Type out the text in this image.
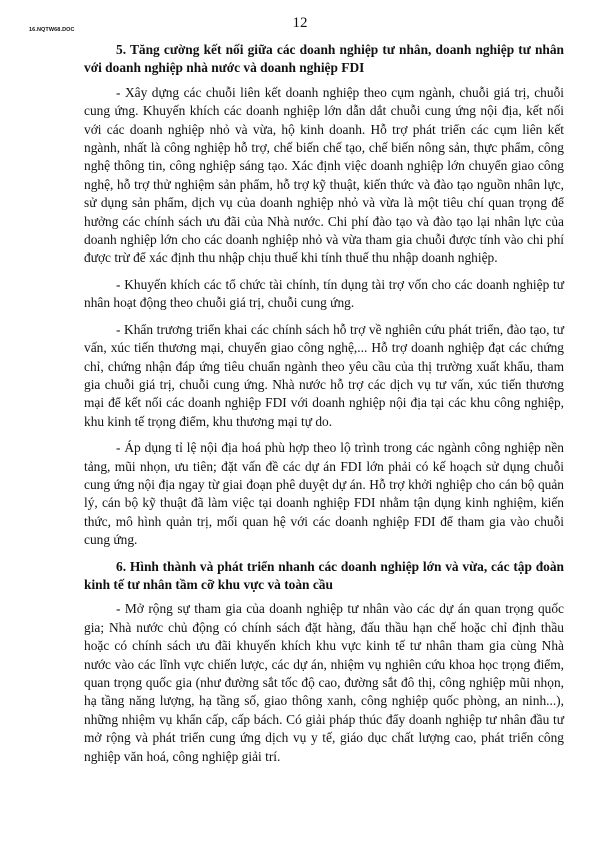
16.NQTW68.DOC	12

5. Tăng cường kết nối giữa các doanh nghiệp tư nhân, doanh nghiệp tư nhân với doanh nghiệp nhà nước và doanh nghiệp FDI

- Xây dựng các chuỗi liên kết doanh nghiệp theo cụm ngành, chuỗi giá trị, chuỗi cung ứng. Khuyến khích các doanh nghiệp lớn dẫn dắt chuỗi cung ứng nội địa, kết nối với các doanh nghiệp nhỏ và vừa, hộ kinh doanh. Hỗ trợ phát triển các cụm liên kết ngành, nhất là công nghiệp hỗ trợ, chế biến chế tạo, chế biến nông sản, thực phẩm, công nghệ thông tin, công nghiệp sáng tạo. Xác định việc doanh nghiệp lớn chuyển giao công nghệ, hỗ trợ thử nghiệm sản phẩm, hỗ trợ kỹ thuật, kiến thức và đào tạo nguồn nhân lực, sử dụng sản phẩm, dịch vụ của doanh nghiệp nhỏ và vừa là một tiêu chí quan trọng để hưởng các chính sách ưu đãi của Nhà nước. Chi phí đào tạo và đào tạo lại nhân lực của doanh nghiệp lớn cho các doanh nghiệp nhỏ và vừa tham gia chuỗi được tính vào chi phí được trừ để xác định thu nhập chịu thuế khi tính thuế thu nhập doanh nghiệp.

- Khuyến khích các tổ chức tài chính, tín dụng tài trợ vốn cho các doanh nghiệp tư nhân hoạt động theo chuỗi giá trị, chuỗi cung ứng.

- Khẩn trương triển khai các chính sách hỗ trợ về nghiên cứu phát triển, đào tạo, tư vấn, xúc tiến thương mại, chuyển giao công nghệ,... Hỗ trợ doanh nghiệp đạt các chứng chỉ, chứng nhận đáp ứng tiêu chuẩn ngành theo yêu cầu của thị trường xuất khẩu, tham gia chuỗi giá trị, chuỗi cung ứng. Nhà nước hỗ trợ các dịch vụ tư vấn, xúc tiến thương mại để kết nối các doanh nghiệp FDI với doanh nghiệp nội địa tại các khu công nghiệp, khu kinh tế trọng điểm, khu thương mại tự do.

- Áp dụng tỉ lệ nội địa hoá phù hợp theo lộ trình trong các ngành công nghiệp nền tảng, mũi nhọn, ưu tiên; đặt vấn đề các dự án FDI lớn phải có kế hoạch sử dụng chuỗi cung ứng nội địa ngay từ giai đoạn phê duyệt dự án. Hỗ trợ khởi nghiệp cho cán bộ quản lý, cán bộ kỹ thuật đã làm việc tại doanh nghiệp FDI nhằm tận dụng kinh nghiệm, kiến thức, mô hình quản trị, mối quan hệ với các doanh nghiệp FDI để tham gia vào chuỗi cung ứng.

6. Hình thành và phát triển nhanh các doanh nghiệp lớn và vừa, các tập đoàn kinh tế tư nhân tầm cỡ khu vực và toàn cầu

- Mở rộng sự tham gia của doanh nghiệp tư nhân vào các dự án quan trọng quốc gia; Nhà nước chủ động có chính sách đặt hàng, đấu thầu hạn chế hoặc chỉ định thầu hoặc có chính sách ưu đãi khuyến khích khu vực kinh tế tư nhân tham gia cùng Nhà nước vào các lĩnh vực chiến lược, các dự án, nhiệm vụ nghiên cứu khoa học trọng điểm, quan trọng quốc gia (như đường sắt tốc độ cao, đường sắt đô thị, công nghiệp mũi nhọn, hạ tầng năng lượng, hạ tầng số, giao thông xanh, công nghiệp quốc phòng, an ninh...), những nhiệm vụ khẩn cấp, cấp bách. Có giải pháp thúc đẩy doanh nghiệp tư nhân đầu tư mở rộng và phát triển cung ứng dịch vụ y tế, giáo dục chất lượng cao, phát triển công nghiệp văn hoá, công nghiệp giải trí.
